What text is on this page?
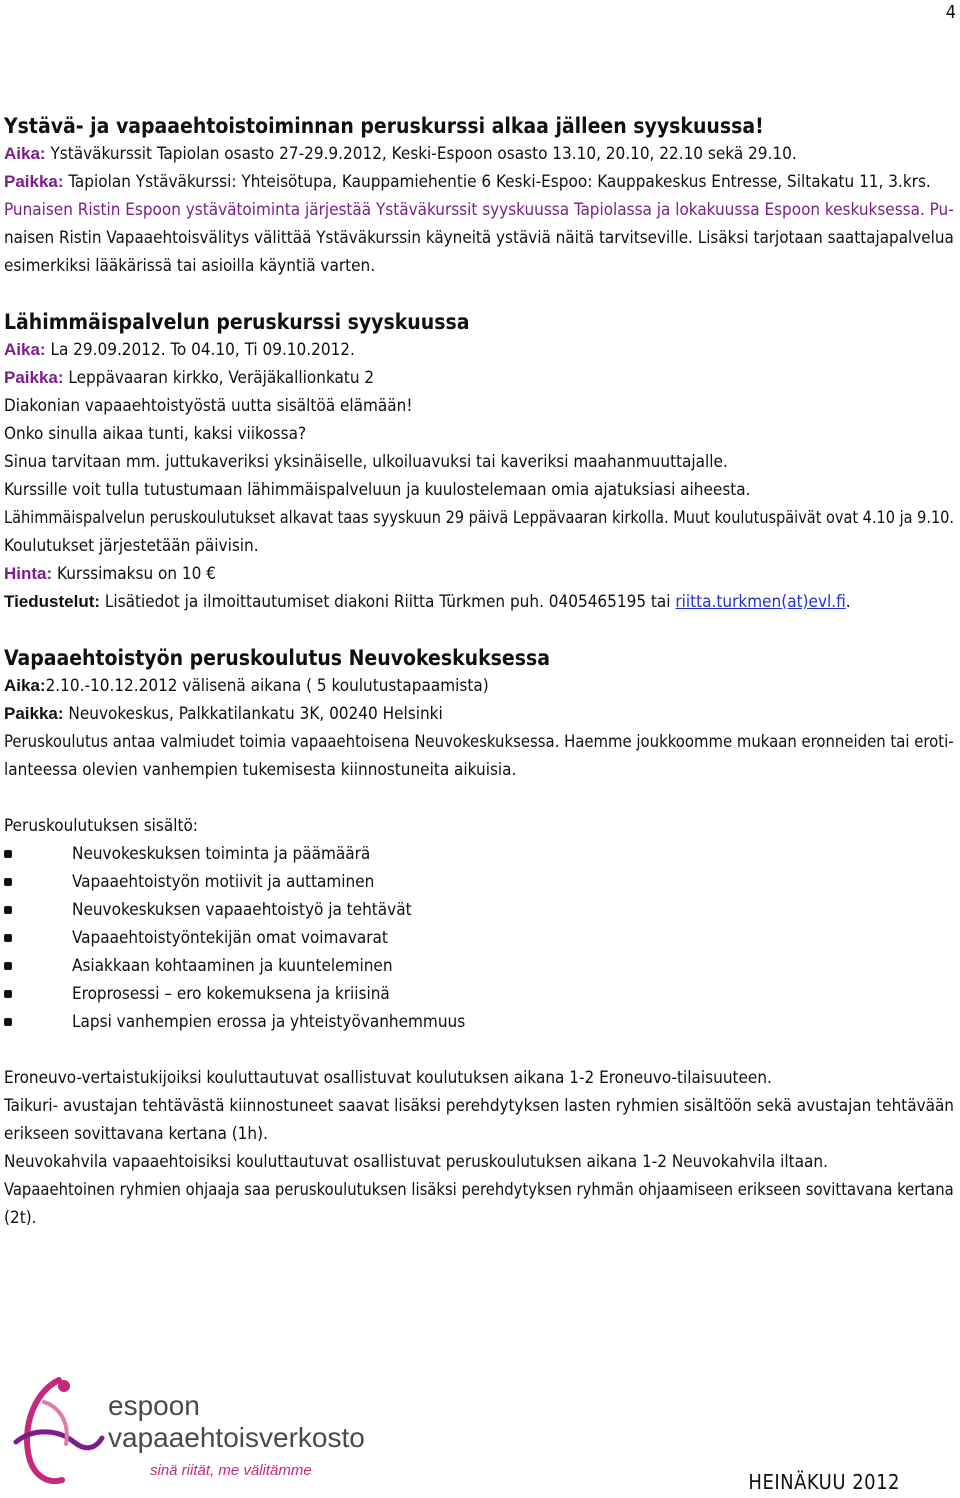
4
Ystävä- ja vapaaehtoistoiminnan peruskurssi alkaa jälleen syyskuussa!
Aika: Ystäväkurssit Tapiolan osasto 27-29.9.2012, Keski-Espoon osasto 13.10, 20.10, 22.10 sekä 29.10.
Paikka: Tapiolan Ystäväkurssi: Yhteisötupa, Kauppamiehentie 6 Keski-Espoo: Kauppakeskus Entresse, Siltakatu 11, 3.krs.
Punaisen Ristin Espoon ystävätoiminta järjestää Ystäväkurssit syyskuussa Tapiolassa ja lokakuussa Espoon keskuksessa. Pu-
naisen Ristin Vapaaehtoisvälitys välittää Ystäväkurssin käyneitä ystäviä näitä tarvitseville. Lisäksi tarjotaan saattajapalvelua
esimerkiksi lääkärissä tai asioilla käyntiä varten.
Lähimmäispalvelun peruskurssi syyskuussa
Aika: La 29.09.2012. To 04.10, Ti 09.10.2012.
Paikka: Leppävaaran kirkko, Veräjäkallionkatu 2
Diakonian vapaaehtoistyöstä uutta sisältöä elämään!
Onko sinulla aikaa tunti, kaksi viikossa?
Sinua tarvitaan mm. juttukaveriksi yksinäiselle, ulkoiluavuksi tai kaveriksi maahanmuuttajalle.
Kurssille voit tulla tutustumaan lähimmäispalveluun ja kuulostelemaan omia ajatuksiasi aiheesta.
Lähimmäispalvelun peruskoulutukset alkavat taas syyskuun 29 päivä Leppävaaran kirkolla. Muut koulutuspäivät ovat 4.10 ja 9.10.
Koulutukset järjestetään päivisin.
Hinta: Kurssimaksu on 10 €
Tiedustelut: Lisätiedot ja ilmoittautumiset diakoni Riitta Türkmen puh. 0405465195 tai riitta.turkmen(at)evl.fi.
Vapaaehtoistyön peruskoulutus Neuvokeskuksessa
Aika:2.10.-10.12.2012 välisenä aikana ( 5 koulutustapaamista)
Paikka: Neuvokeskus, Palkkatilankatu 3K, 00240 Helsinki
Peruskoulutus antaa valmiudet toimia vapaaehtoisena Neuvokeskuksessa. Haemme joukkoomme mukaan eronneiden tai eroti-
lanteessa olevien vanhempien tukemisesta kiinnostuneita aikuisia.
Peruskoulutuksen sisältö:
Neuvokeskuksen toiminta ja päämäärä
Vapaaehtoistyön motiivit ja auttaminen
Neuvokeskuksen vapaaehtoistyö ja tehtävät
Vapaaehtoistyöntekijän omat voimavarat
Asiakkaan kohtaaminen ja kuunteleminen
Eroprosessi – ero kokemuksena ja kriisinä
Lapsi vanhempien erossa ja yhteistyövanhemmuus
Eroneuvo-vertaistukijoiksi kouluttautuvat osallistuvat koulutuksen aikana 1-2 Eroneuvo-tilaisuuteen.
Taikuri- avustajan tehtävästä kiinnostuneet saavat lisäksi perehdytyksen lasten ryhmien sisältöön sekä avustajan tehtävään
erikseen sovittavana kertana (1h).
Neuvokahvila vapaaehtoisiksi kouluttautuvat osallistuvat peruskoulutuksen aikana 1-2 Neuvokahvila iltaan.
Vapaaehtoinen ryhmien ohjaaja saa peruskoulutuksen lisäksi perehdytyksen ryhmän ohjaamiseen erikseen sovittavana kertana
(2t).
espoon
vapaaehtoisverkosto
sinä riität, me välitämme	HEINÄKUU 2012
